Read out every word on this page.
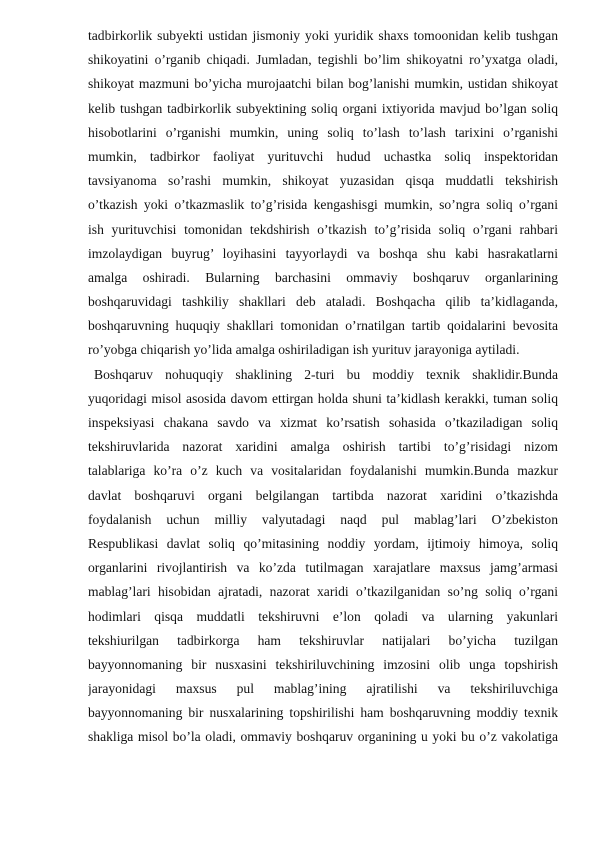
tadbirkorlik subyekti ustidan jismoniy yoki yuridik shaxs tomoonidan kelib tushgan
shikoyatini o’rganib chiqadi. Jumladan, tegishli bo’lim shikoyatni ro’yxatga oladi,
shikoyat mazmuni bo’yicha murojaatchi bilan bog’lanishi mumkin, ustidan shikoyat
kelib tushgan tadbirkorlik subyektining soliq organi ixtiyorida mavjud bo’lgan soliq
hisobotlarini o’rganishi mumkin, uning soliq to’lash to’lash tarixini o’rganishi
mumkin, tadbirkor faoliyat yurituvchi hudud uchastka soliq inspektoridan
tavsiyanoma so’rashi mumkin, shikoyat yuzasidan qisqa muddatli tekshirish
o’tkazish yoki o’tkazmaslik to’g’risida kengashisgi mumkin, so’ngra soliq o’rgani
ish yurituvchisi tomonidan tekdshirish o’tkazish to’g’risida soliq o’rgani rahbari
imzolaydigan buyrug’ loyihasini tayyorlaydi va boshqa shu kabi hasrakatlarni
amalga oshiradi. Bularning barchasini ommaviy boshqaruv organlarining
boshqaruvidagi tashkiliy shakllari deb ataladi. Boshqacha qilib ta’kidlaganda,
boshqaruvning huquqiy shakllari tomonidan o’rnatilgan tartib qoidalarini bevosita
ro’yobga chiqarish yo’lida amalga oshiriladigan ish yurituv jarayoniga aytiladi.
Boshqaruv nohuquqiy shaklining 2-turi bu moddiy texnik shaklidir.Bunda
yuqoridagi misol asosida davom ettirgan holda shuni ta’kidlash kerakki, tuman soliq
inspeksiyasi chakana savdo va xizmat ko’rsatish sohasida o’tkaziladigan soliq
tekshiruvlarida nazorat xaridini amalga oshirish tartibi to’g’risidagi nizom
talablariga ko’ra o’z kuch va vositalaridan foydalanishi mumkin.Bunda mazkur
davlat boshqaruvi organi belgilangan tartibda nazorat xaridini o’tkazishda
foydalanish uchun milliy valyutadagi naqd pul mablag’lari O’zbekiston
Respublikasi davlat soliq qo’mitasining noddiy yordam, ijtimoiy himoya, soliq
organlarini rivojlantirish va ko’zda tutilmagan xarajatlare maxsus jamg’armasi
mablag’lari hisobidan ajratadi, nazorat xaridi o’tkazilganidan so’ng soliq o’rgani
hodimlari qisqa muddatli tekshiruvni e’lon qoladi va ularning yakunlari
tekshiurilgan tadbirkorga ham tekshiruvlar natijalari bo’yicha tuzilgan
bayyonnomaning bir nusxasini tekshiriluvchining imzosini olib unga topshirish
jarayonidagi maxsus pul mablag’ining ajratilishi va tekshiriluvchiga
bayyonnomaning bir nusxalarining topshirilishi ham boshqaruvning moddiy texnik
shakliga misol bo’la oladi, ommaviy boshqaruv organining u yoki bu o’z vakolatiga
